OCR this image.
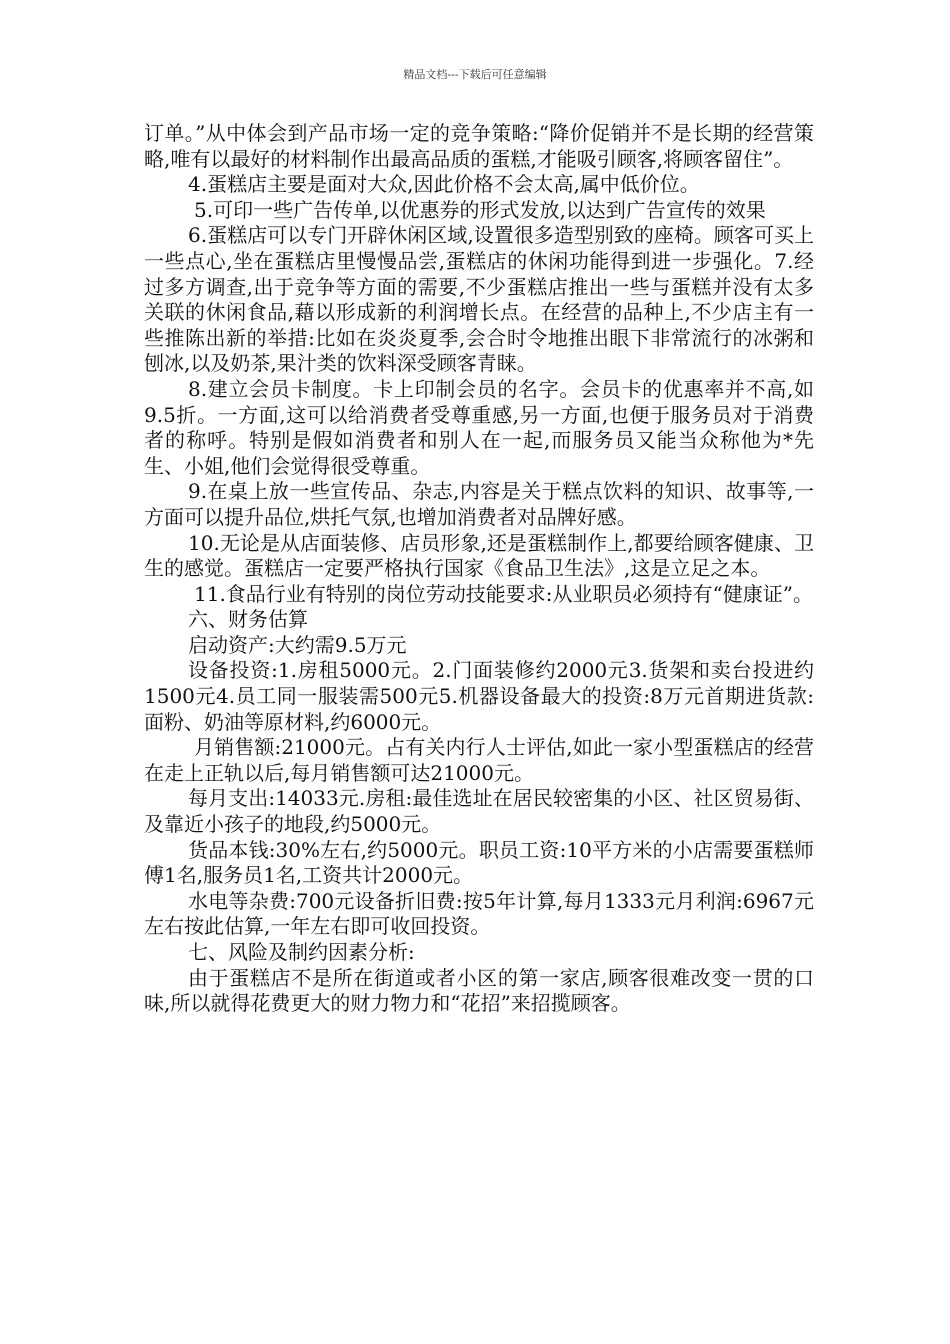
精品文档---下载后可任意编辑

订单。”从中体会到产品市场一定的竞争策略:“降价促销并不是长期的经营策略,唯有以最好的材料制作出最高品质的蛋糕,才能吸引顾客,将顾客留住”。

4.蛋糕店主要是面对大众,因此价格不会太高,属中低价位。

5.可印一些广告传单,以优惠券的形式发放,以达到广告宣传的效果

6.蛋糕店可以专门开辟休闲区域,设置很多造型别致的座椅。顾客可买上一些点心,坐在蛋糕店里慢慢品尝,蛋糕店的休闲功能得到进一步强化。7.经过多方调查,出于竞争等方面的需要,不少蛋糕店推出一些与蛋糕并没有太多关联的休闲食品,藉以形成新的利润增长点。在经营的品种上,不少店主有一些推陈出新的举措:比如在炎炎夏季,会合时令地推出眼下非常流行的冰粥和刨冰,以及奶茶,果汁类的饮料深受顾客青睐。

8.建立会员卡制度。卡上印制会员的名字。会员卡的优惠率并不高,如9.5折。一方面,这可以给消费者受尊重感,另一方面,也便于服务员对于消费者的称呼。特别是假如消费者和别人在一起,而服务员又能当众称他为*先生、小姐,他们会觉得很受尊重。

9.在桌上放一些宣传品、杂志,内容是关于糕点饮料的知识、故事等,一方面可以提升品位,烘托气氛,也增加消费者对品牌好感。

10.无论是从店面装修、店员形象,还是蛋糕制作上,都要给顾客健康、卫生的感觉。蛋糕店一定要严格执行国家《食品卫生法》,这是立足之本。

11.食品行业有特别的岗位劳动技能要求:从业职员必须持有“健康证”。

六、财务估算

启动资产:大约需9.5万元

设备投资:1.房租5000元。2.门面装修约2000元3.货架和卖台投进约1500元4.员工同一服装需500元5.机器设备最大的投资:8万元首期进货款:面粉、奶油等原材料,约6000元。

月销售额:21000元。占有关内行人士评估,如此一家小型蛋糕店的经营在走上正轨以后,每月销售额可达21000元。

每月支出:14033元.房租:最佳选址在居民较密集的小区、社区贸易街、及靠近小孩子的地段,约5000元。

货品本钱:30%左右,约5000元。职员工资:10平方米的小店需要蛋糕师傅1名,服务员1名,工资共计2000元。

水电等杂费:700元设备折旧费:按5年计算,每月1333元月利润:6967元左右按此估算,一年左右即可收回投资。

七、风险及制约因素分析:

由于蛋糕店不是所在街道或者小区的第一家店,顾客很难改变一贯的口味,所以就得花费更大的财力物力和“花招”来招揽顾客。
